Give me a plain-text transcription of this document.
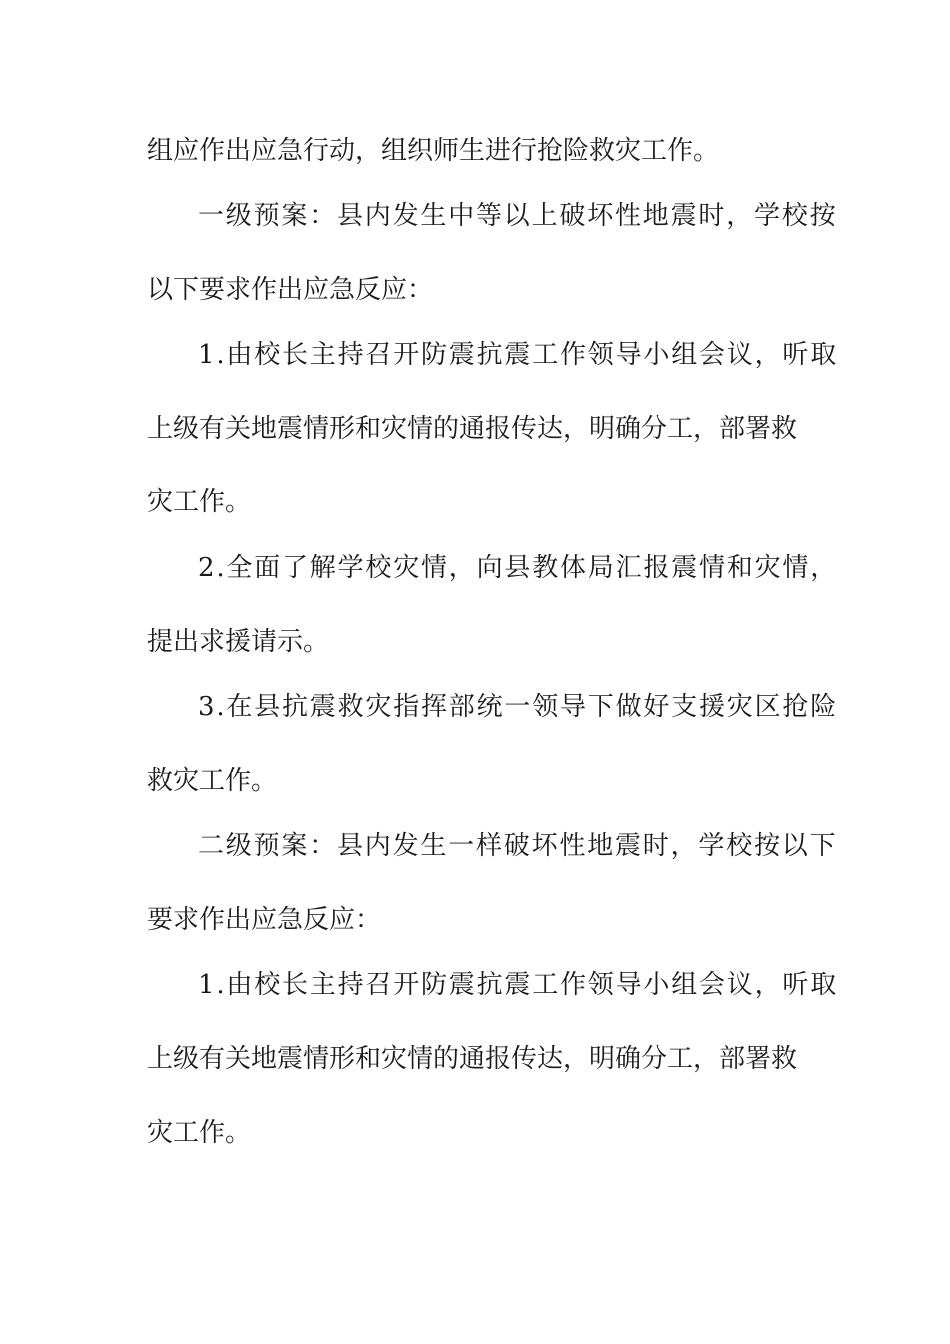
组应作出应急行动，组织师生进行抢险救灾工作。
一级预案：县内发生中等以上破坏性地震时，学校按
以下要求作出应急反应：
1.由校长主持召开防震抗震工作领导小组会议，听取
上级有关地震情形和灾情的通报传达，明确分工，部署救
灾工作。
2.全面了解学校灾情，向县教体局汇报震情和灾情，
提出求援请示。
3.在县抗震救灾指挥部统一领导下做好支援灾区抢险
救灾工作。
二级预案：县内发生一样破坏性地震时，学校按以下
要求作出应急反应：
1.由校长主持召开防震抗震工作领导小组会议，听取
上级有关地震情形和灾情的通报传达，明确分工，部署救
灾工作。
